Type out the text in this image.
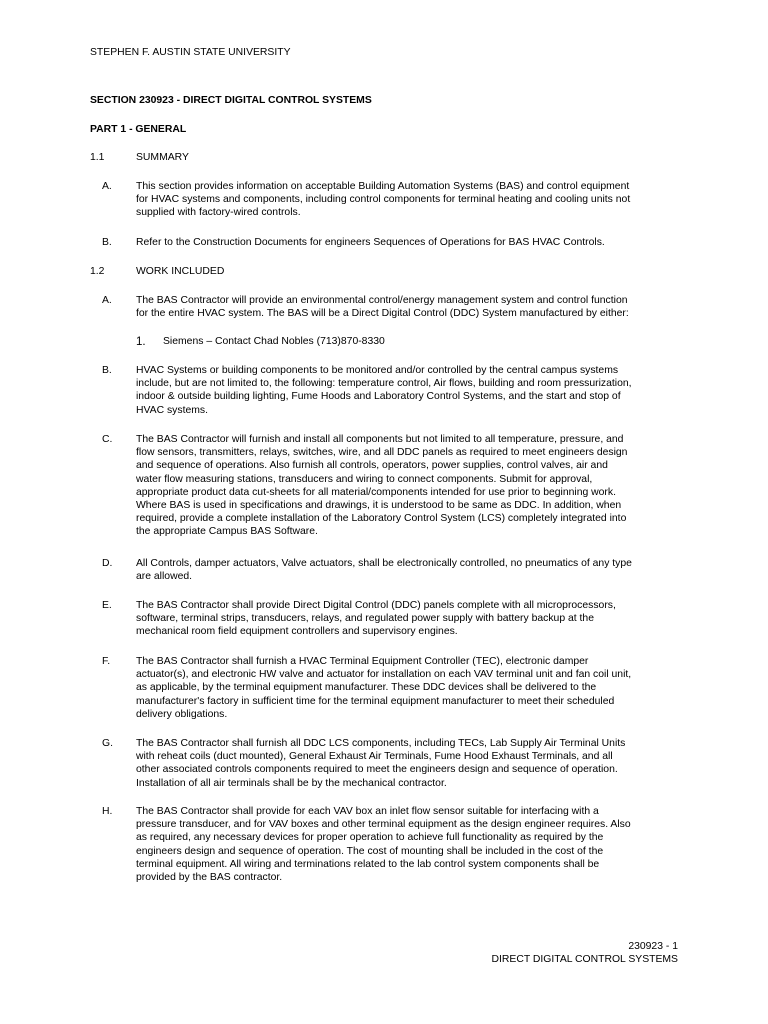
STEPHEN F. AUSTIN STATE UNIVERSITY
SECTION 230923 - DIRECT DIGITAL CONTROL SYSTEMS
PART 1 - GENERAL
1.1	SUMMARY
A. This section provides information on acceptable Building Automation Systems (BAS) and control equipment
for HVAC systems and components, including control components for terminal heating and cooling units not
supplied with factory-wired controls.
B. Refer to the Construction Documents for engineers Sequences of Operations for BAS HVAC Controls.
1.2	WORK INCLUDED
A. The BAS Contractor will provide an environmental control/energy management system and control function
for the entire HVAC system. The BAS will be a Direct Digital Control (DDC) System manufactured by either:
1. Siemens – Contact Chad Nobles (713)870-8330
B. HVAC Systems or building components to be monitored and/or controlled by the central campus systems
include, but are not limited to, the following: temperature control, Air flows, building and room pressurization,
indoor & outside building lighting, Fume Hoods and Laboratory Control Systems, and the start and stop of
HVAC systems.
C. The BAS Contractor will furnish and install all components but not limited to all temperature, pressure, and
flow sensors, transmitters, relays, switches, wire, and all DDC panels as required to meet engineers design
and sequence of operations. Also furnish all controls, operators, power supplies, control valves, air and
water flow measuring stations, transducers and wiring to connect components. Submit for approval,
appropriate product data cut-sheets for all material/components intended for use prior to beginning work.
Where BAS is used in specifications and drawings, it is understood to be same as DDC. In addition, when
required, provide a complete installation of the Laboratory Control System (LCS) completely integrated into
the appropriate Campus BAS Software.
D. All Controls, damper actuators, Valve actuators, shall be electronically controlled, no pneumatics of any type
are allowed.
E. The BAS Contractor shall provide Direct Digital Control (DDC) panels complete with all microprocessors,
software, terminal strips, transducers, relays, and regulated power supply with battery backup at the
mechanical room field equipment controllers and supervisory engines.
F. The BAS Contractor shall furnish a HVAC Terminal Equipment Controller (TEC), electronic damper
actuator(s), and electronic HW valve and actuator for installation on each VAV terminal unit and fan coil unit,
as applicable, by the terminal equipment manufacturer. These DDC devices shall be delivered to the
manufacturer's factory in sufficient time for the terminal equipment manufacturer to meet their scheduled
delivery obligations.
G. The BAS Contractor shall furnish all DDC LCS components, including TECs, Lab Supply Air Terminal Units
with reheat coils (duct mounted), General Exhaust Air Terminals, Fume Hood Exhaust Terminals, and all
other associated controls components required to meet the engineers design and sequence of operation.
Installation of all air terminals shall be by the mechanical contractor.
H. The BAS Contractor shall provide for each VAV box an inlet flow sensor suitable for interfacing with a
pressure transducer, and for VAV boxes and other terminal equipment as the design engineer requires. Also
as required, any necessary devices for proper operation to achieve full functionality as required by the
engineers design and sequence of operation. The cost of mounting shall be included in the cost of the
terminal equipment. All wiring and terminations related to the lab control system components shall be
provided by the BAS contractor.
230923 - 1
DIRECT DIGITAL CONTROL SYSTEMS
